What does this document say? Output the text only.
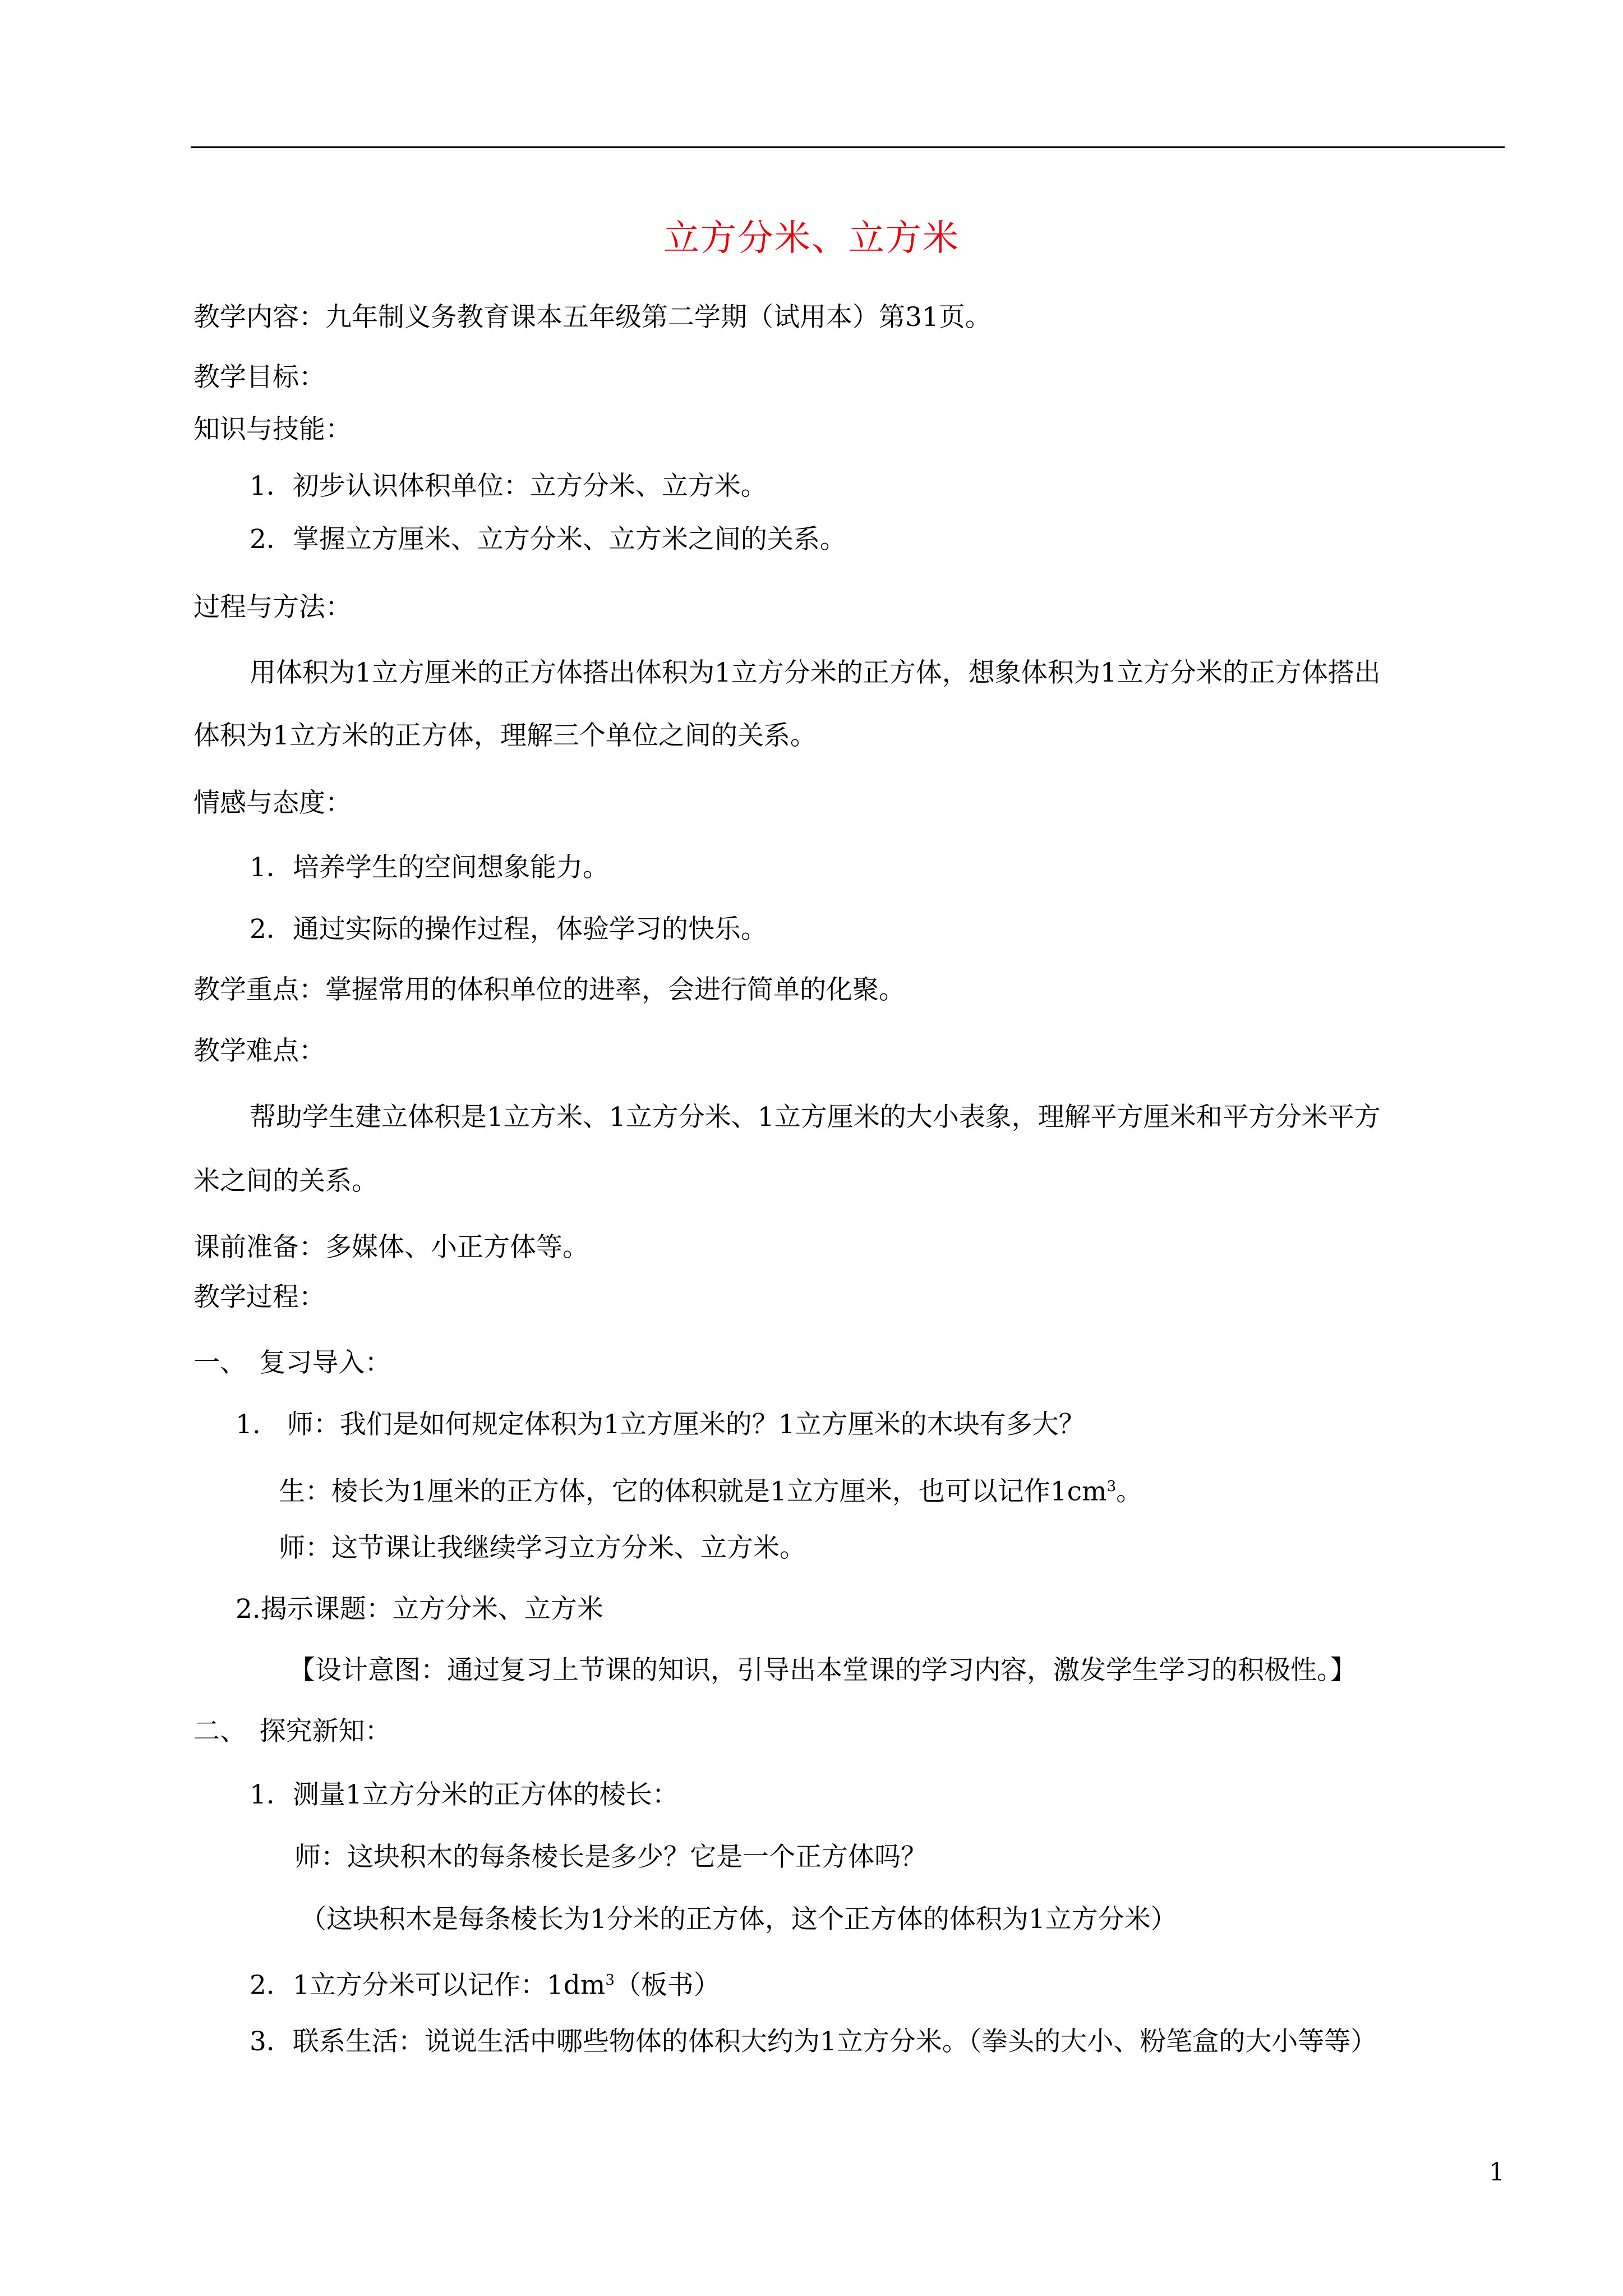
立方分米、立方米
教学内容：九年制义务教育课本五年级第二学期（试用本）第31页。
教学目标：
知识与技能：
1．初步认识体积单位：立方分米、立方米。
2．掌握立方厘米、立方分米、立方米之间的关系。
过程与方法：
用体积为1立方厘米的正方体搭出体积为1立方分米的正方体，想象体积为1立方分米的正方体搭出
体积为1立方米的正方体，理解三个单位之间的关系。
情感与态度：
1．培养学生的空间想象能力。
2．通过实际的操作过程，体验学习的快乐。
教学重点：掌握常用的体积单位的进率，会进行简单的化聚。
教学难点：
帮助学生建立体积是1立方米、1立方分米、1立方厘米的大小表象，理解平方厘米和平方分米平方
米之间的关系。
课前准备：多媒体、小正方体等。
教学过程：
一、　复习导入：
1.　师：我们是如何规定体积为1立方厘米的？1立方厘米的木块有多大？
生：棱长为1厘米的正方体，它的体积就是1立方厘米，也可以记作$1cm^3$。
师：这节课让我继续学习立方分米、立方米。
2.揭示课题：立方分米、立方米
【设计意图：通过复习上节课的知识，引导出本堂课的学习内容，激发学生学习的积极性。】
二、　探究新知：
1．测量1立方分米的正方体的棱长：
师：这块积木的每条棱长是多少？它是一个正方体吗？
（这块积木是每条棱长为1分米的正方体，这个正方体的体积为1立方分米）
2．1立方分米可以记作：$1dm^3$（板书）
3．联系生活：说说生活中哪些物体的体积大约为1立方分米。（拳头的大小、粉笔盒的大小等等）
1
